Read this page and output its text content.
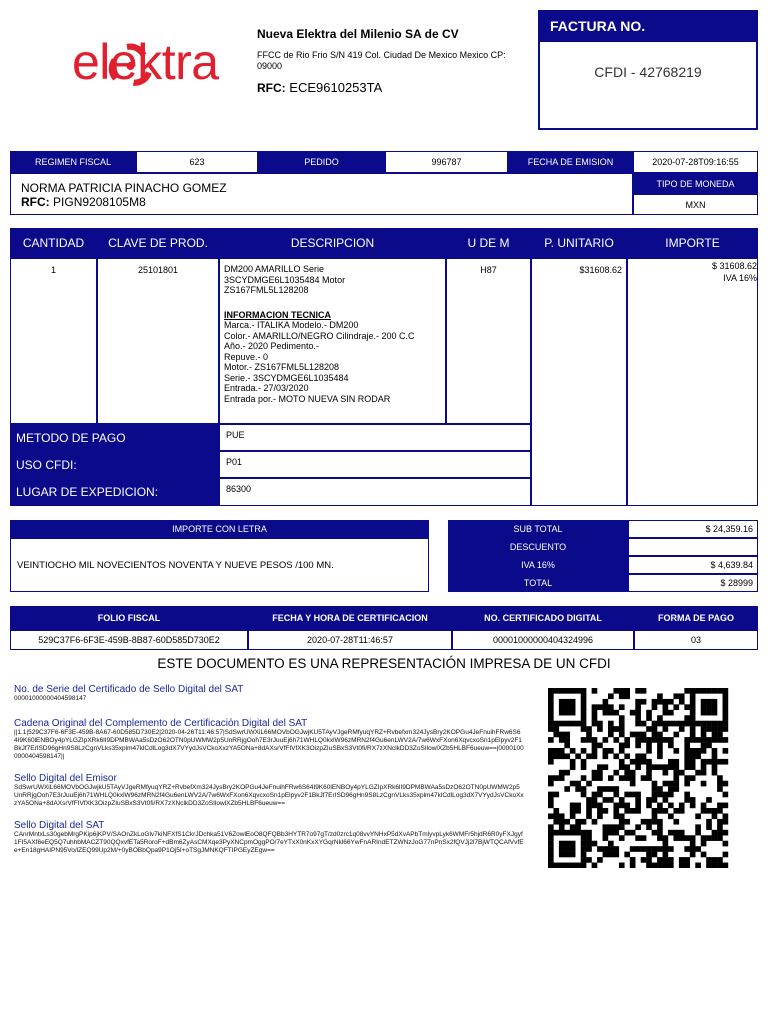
elektra	Nueva Elektra del Milenio SA de CV
FFCC de Rio Frio S/N 419 Col. Ciudad De Mexico Mexico CP: 09000
RFC: ECE9610253TA
FACTURA NO.
CFDI - 42768219
REGIMEN FISCAL	623	PEDIDO	996787	FECHA DE EMISION	2020-07-28T09:16:55
NORMA PATRICIA PINACHO GOMEZ
RFC: PIGN9208105M8
TIPO DE MONEDA
MXN
CANTIDAD	CLAVE DE PROD.	DESCRIPCION	U DE M	P. UNITARIO	IMPORTE
1	25101801	DM200 AMARILLO Serie
3SCYDMGE6L1035484 Motor
ZS167FML5L128208
INFORMACION TECNICA
Marca.- ITALIKA Modelo.- DM200
Color.- AMARILLO/NEGRO Cilindraje.- 200 C.C
Año.- 2020 Pedimento.-
Repuve.- 0
Motor.- ZS167FML5L128208
Serie.- 3SCYDMGE6L1035484
Entrada.- 27/03/2020
Entrada por.- MOTO NUEVA SIN RODAR
H87	$31608.62	$ 31608.62
IVA 16%
METODO DE PAGO	PUE
USO CFDI:	P01
LUGAR DE EXPEDICION:	86300
IMPORTE CON LETRA
VEINTIOCHO MIL NOVECIENTOS NOVENTA Y NUEVE PESOS /100 MN.
SUB TOTAL	$ 24,359.16
DESCUENTO
IVA 16%	$ 4,639.84
TOTAL	$ 28999
FOLIO FISCAL	FECHA Y HORA DE CERTIFICACION	NO. CERTIFICADO DIGITAL	FORMA DE PAGO
529C37F6-6F3E-459B-8B87-60D585D730E2	2020-07-28T11:46:57	00001000000404324996	03
ESTE DOCUMENTO ES UNA REPRESENTACIÓN IMPRESA DE UN CFDI
No. de Serie del Certificado de Sello Digital del SAT
00001000000404598147
Cadena Original del Complemento de Certificación Digital del SAT
||1.1|529C37F6-6F3E-459B-8A67-60D585D730E2|2020-04-26T11:46:57|SdSwrUWXiL66MOVbOGJwjKU5TAyVJgeRMfyuqYRZ+Rvbefxm324JysBry2KOPGu4JeFnuihFRw6S64I9K60lENBOy4pYLGZIpXRk6lI9DPMBWAa5sDzO62OTN0pUWMW2p5UnRRjgOoh7E3rJuuEj6h71WHLQ0kxlW96zMRN2f4Gu6enLWV2A/7w6WxFXon6XqvcxoSn1pElpyv2F1BkJf7ErISD96gHn9S8LzCgnVLks35xplm47klCdlLog3dX7VYydJsVCkoXxzYA5ONa+8dAXsrVfFIVfXK3OizpZIuSBxS3Vt0fi/RX7zXNclkDD3ZoSIlowlXZb5HLBF6ueuw==|00001000000404598147||
Sello Digital del Emisor
SdSwrUWXiL66MOVbOGJwjkU5TAyVJgeRMfyuqYRZ+RvbefXm324JysBry2KOPGu4JeFnuihFRw6S64I9K60lENBOy4pYLGZIpXRk6lI9DPMBWAa5sDzO62OTN0pUWMW2p5UnRRjgOoh7E3rJuuEj6h71WHLQ0kxlW96zMRN2f4Gu6enLWV2A/7w6WxFXon6XqvcxoSn1pElpyv2F1BkJf7ErISD96gHn9S8LzCgnVLks35xplm47klCdlLog3dX7VYydJsVCkoXxzYA5ONa+8dAXsrVfFIVfXK3OizpZIuSBxS3Vt0fi/RX7zXNclkDD3ZoSIlowlXZb5HLBF6ueuw==
Sello Digital del SAT
CAnrMntxLs30gebMrgPKip6jKPV/SAOnZkLoGlv7kiNFXfS1CkrJDchka51V6ZowlEoO8QFQBb3HYTR7o97gT/zd0zrc1q08vvYNHxP5dXvAPbTmlyvpLyk6WMFr5hjdR6R0yFXJgyf1FI5AXf6eEQ5Q7uhhbMACZT90QQxvfETa5RoroF+dBm6ZyAsCMXqe3PyXNCpmOggPO/7eYTxX0nKxXYGqrNkl66YwFnARIndETZWNzJoG77nPnSx2fQVJj2l7BjWTQCAfVvfEe+En18gHAIPN95Vo/lZEQ99Up2M/+0yBOBbQpa9P1Oj5I+oTSgJMNKQFTIPGEyZEgw==
